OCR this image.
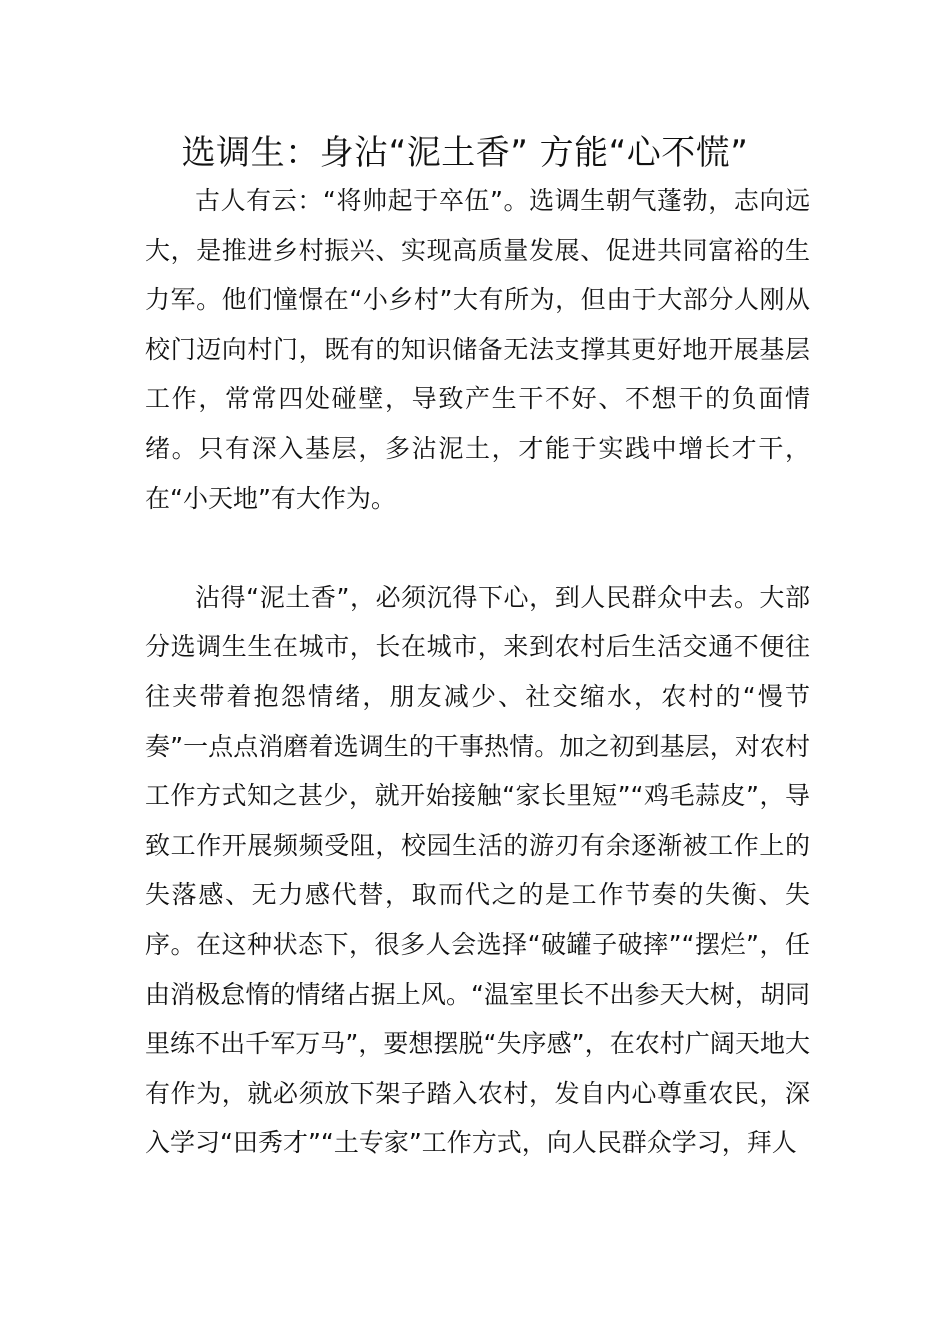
选调生：身沾“泥土香” 方能“心不慌”

古人有云：“将帅起于卒伍”。选调生朝气蓬勃，志向远大，是推进乡村振兴、实现高质量发展、促进共同富裕的生力军。他们憧憬在“小乡村”大有所为，但由于大部分人刚从校门迈向村门，既有的知识储备无法支撑其更好地开展基层工作，常常四处碰壁，导致产生干不好、不想干的负面情绪。只有深入基层，多沾泥土，才能于实践中增长才干，在“小天地”有大作为。

沾得“泥土香”，必须沉得下心，到人民群众中去。大部分选调生生在城市，长在城市，来到农村后生活交通不便往往夹带着抱怨情绪，朋友减少、社交缩水，农村的“慢节奏”一点点消磨着选调生的干事热情。加之初到基层，对农村工作方式知之甚少，就开始接触“家长里短”“鸡毛蒜皮”，导致工作开展频频受阻，校园生活的游刃有余逐渐被工作上的失落感、无力感代替，取而代之的是工作节奏的失衡、失序。在这种状态下，很多人会选择“破罐子破摔”“摆烂”，任由消极怠惰的情绪占据上风。“温室里长不出参天大树，胡同里练不出千军万马”，要想摆脱“失序感”，在农村广阔天地大有作为，就必须放下架子踏入农村，发自内心尊重农民，深入学习“田秀才”“土专家”工作方式，向人民群众学习，拜人
